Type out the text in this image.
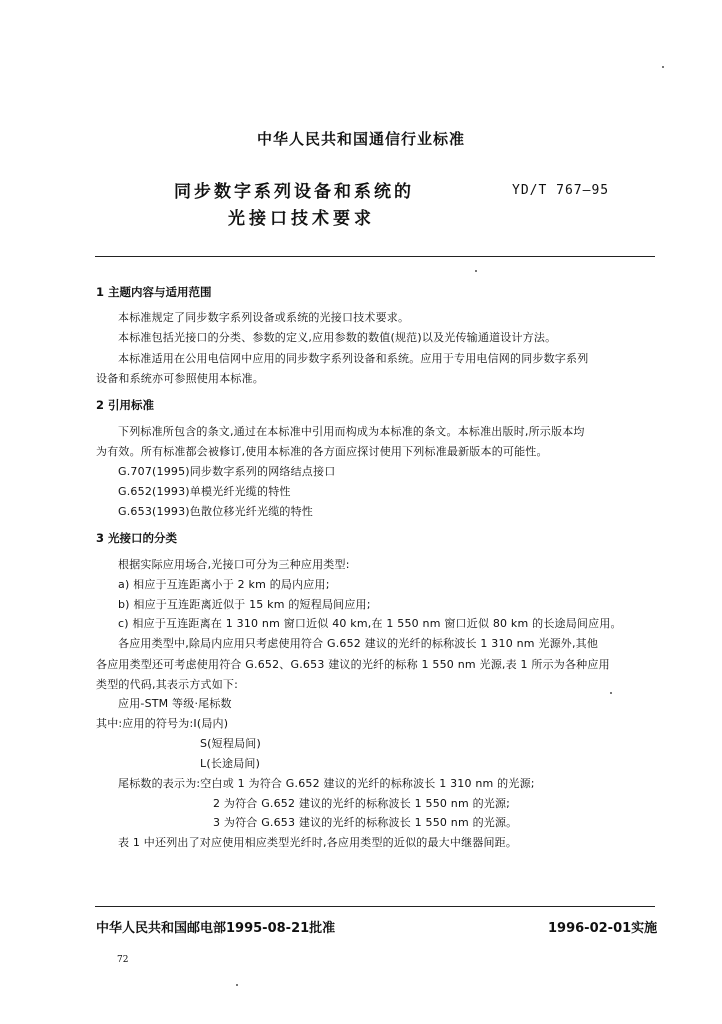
中华人民共和国通信行业标准
同步数字系列设备和系统的
光接口技术要求
YD/T 767—95
1 主题内容与适用范围
本标准规定了同步数字系列设备或系统的光接口技术要求。
本标准包括光接口的分类、参数的定义,应用参数的数值(规范)以及光传输通道设计方法。
本标准适用在公用电信网中应用的同步数字系列设备和系统。应用于专用电信网的同步数字系列
设备和系统亦可参照使用本标准。
2 引用标准
下列标准所包含的条文,通过在本标准中引用而构成为本标准的条文。本标准出版时,所示版本均
为有效。所有标准都会被修订,使用本标准的各方面应探讨使用下列标准最新版本的可能性。
G.707(1995)同步数字系列的网络结点接口
G.652(1993)单模光纤光缆的特性
G.653(1993)色散位移光纤光缆的特性
3 光接口的分类
根据实际应用场合,光接口可分为三种应用类型:
a) 相应于互连距离小于 2 km 的局内应用;
b) 相应于互连距离近似于 15 km 的短程局间应用;
c) 相应于互连距离在 1 310 nm 窗口近似 40 km,在 1 550 nm 窗口近似 80 km 的长途局间应用。
各应用类型中,除局内应用只考虑使用符合 G.652 建议的光纤的标称波长 1 310 nm 光源外,其他
各应用类型还可考虑使用符合 G.652、G.653 建议的光纤的标称 1 550 nm 光源,表 1 所示为各种应用
类型的代码,其表示方式如下:
应用-STM 等级·尾标数
其中:应用的符号为:I(局内)
S(短程局间)
L(长途局间)
尾标数的表示为:空白或 1 为符合 G.652 建议的光纤的标称波长 1 310 nm 的光源;
2 为符合 G.652 建议的光纤的标称波长 1 550 nm 的光源;
3 为符合 G.653 建议的光纤的标称波长 1 550 nm 的光源。
表 1 中还列出了对应使用相应类型光纤时,各应用类型的近似的最大中继器间距。
中华人民共和国邮电部1995-08-21批准	1996-02-01实施
72
